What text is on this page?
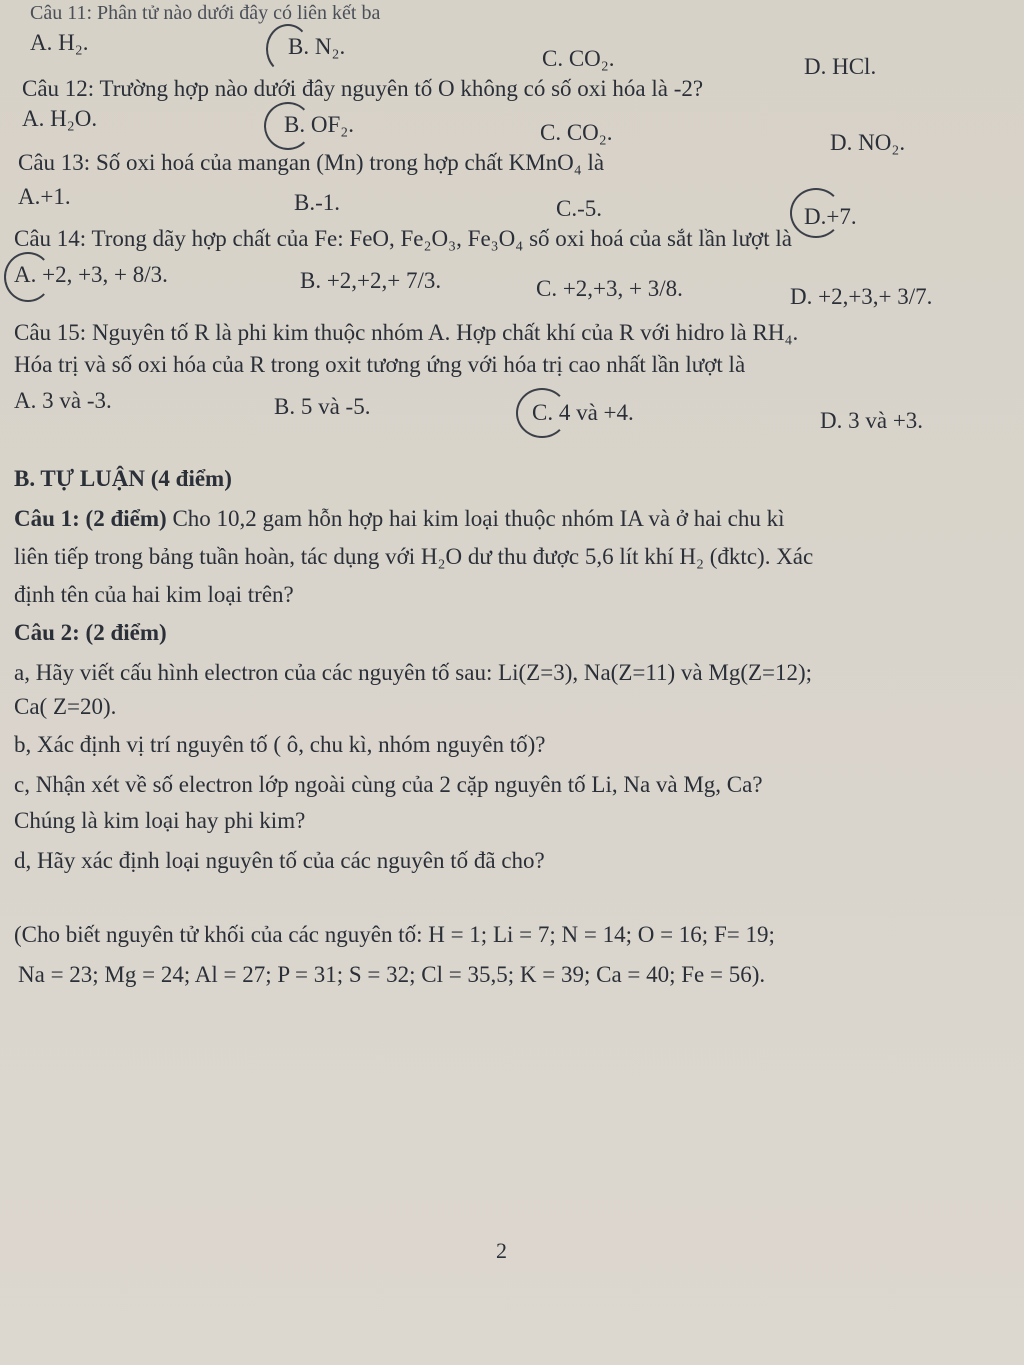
Câu 11: Phân tử nào dưới đây có liên kết ba
A. H₂.	B. N₂.	C. CO₂.	D. HCl.
Câu 12: Trường hợp nào dưới đây nguyên tố O không có số oxi hóa là -2?
A. H₂O.	B. OF₂.	C. CO₂.	D. NO₂.
Câu 13: Số oxi hoá của mangan (Mn) trong hợp chất KMnO₄ là
A.+1.	B.-1.	C.-5.	D.+7.
Câu 14: Trong dãy hợp chất của Fe: FeO, Fe₂O₃, Fe₃O₄ số oxi hoá của sắt lần lượt là
A. +2, +3, + 8/3.	B. +2,+2,+ 7/3.	C. +2,+3, + 3/8.	D. +2,+3,+ 3/7.
Câu 15: Nguyên tố R là phi kim thuộc nhóm A. Hợp chất khí của R với hidro là RH₄.
Hóa trị và số oxi hóa của R trong oxit tương ứng với hóa trị cao nhất lần lượt là
A. 3 và -3.	B. 5 và -5.	C. 4 và +4.	D. 3 và +3.
B. TỰ LUẬN (4 điểm)
Câu 1: (2 điểm) Cho 10,2 gam hỗn hợp hai kim loại thuộc nhóm IA và ở hai chu kì
liên tiếp trong bảng tuần hoàn, tác dụng với H₂O dư thu được 5,6 lít khí H₂ (đktc). Xác
định tên của hai kim loại trên?
Câu 2: (2 điểm)
a, Hãy viết cấu hình electron của các nguyên tố sau: Li(Z=3), Na(Z=11) và Mg(Z=12);
Ca( Z=20).
b, Xác định vị trí nguyên tố ( ô, chu kì, nhóm nguyên tố)?
c, Nhận xét về số electron lớp ngoài cùng của 2 cặp nguyên tố Li, Na và Mg, Ca?
Chúng là kim loại hay phi kim?
d, Hãy xác định loại nguyên tố của các nguyên tố đã cho?
(Cho biết nguyên tử khối của các nguyên tố: H = 1; Li = 7; N = 14; O = 16; F= 19;
Na = 23; Mg = 24; Al = 27; P = 31; S = 32; Cl = 35,5; K = 39; Ca = 40; Fe = 56).
2
